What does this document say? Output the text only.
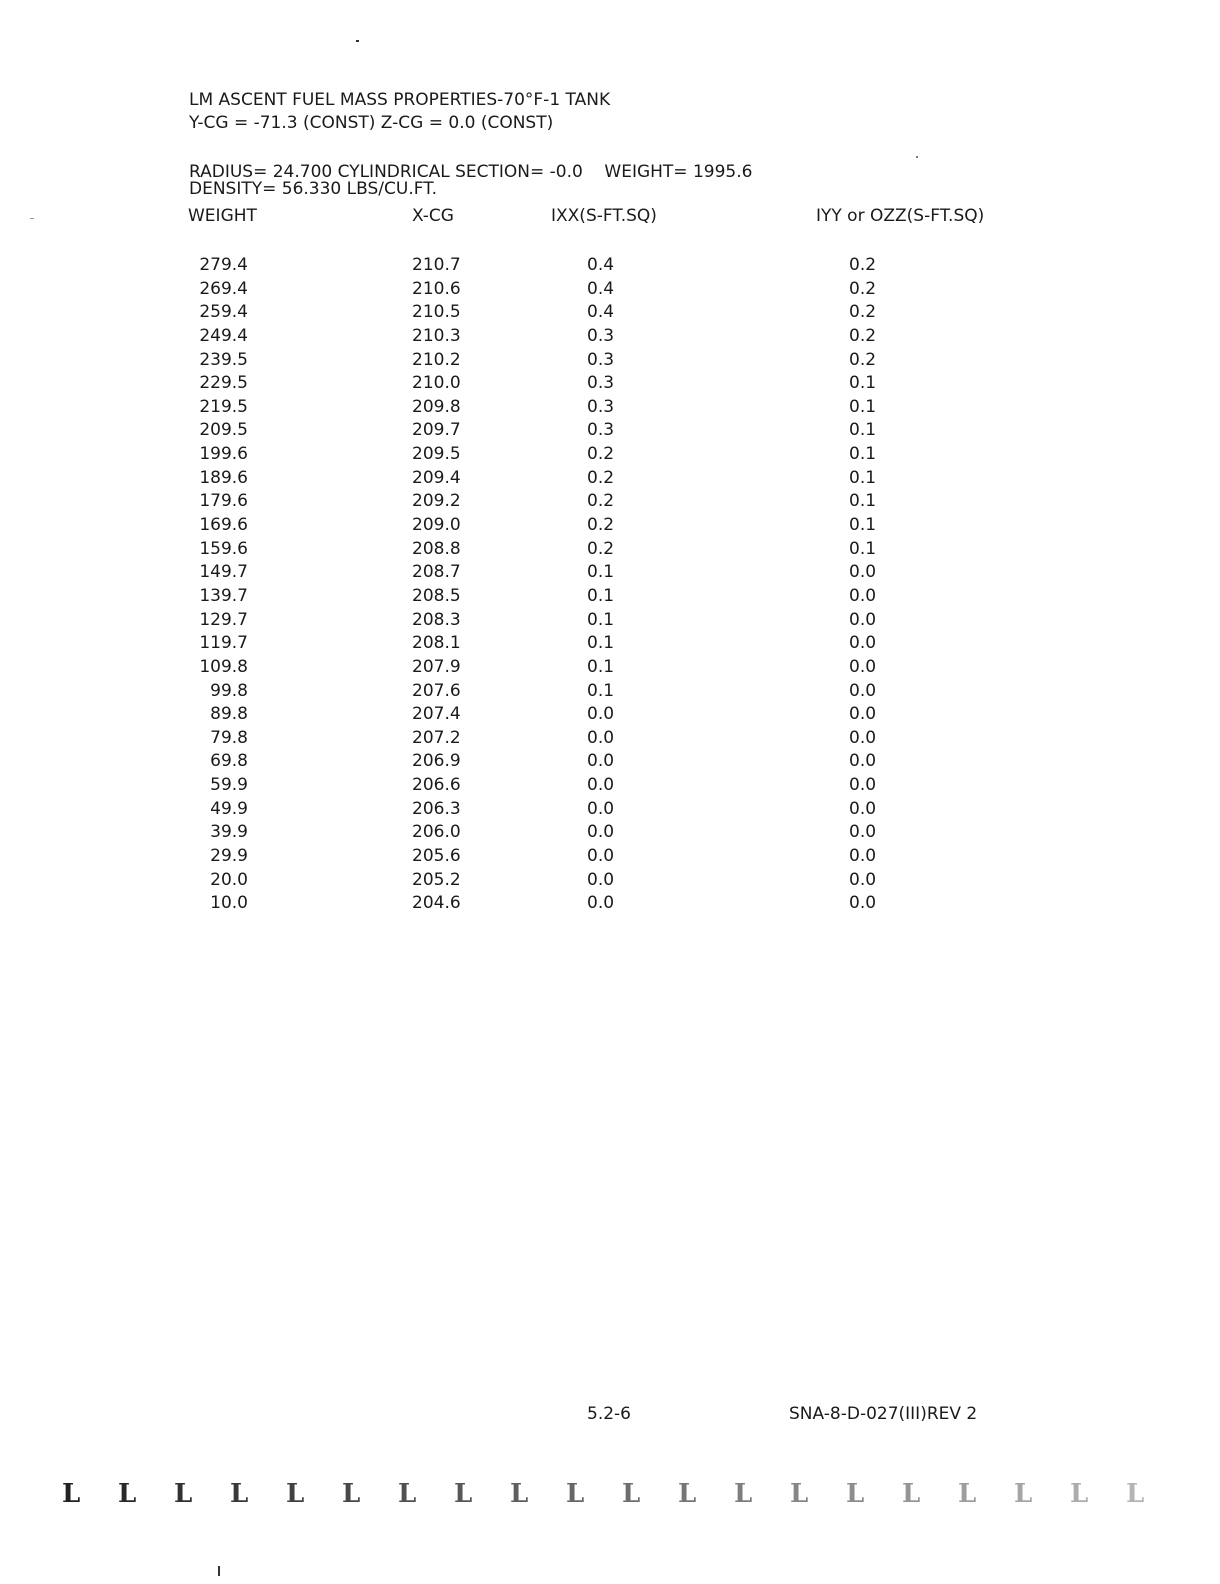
LM ASCENT FUEL MASS PROPERTIES-70°F-1 TANK
Y-CG = -71.3 (CONST) Z-CG = 0.0 (CONST)
RADIUS= 24.700 CYLINDRICAL SECTION= -0.0    WEIGHT= 1995.6
DENSITY= 56.330 LBS/CU.FT.
WEIGHT	X-CG	IXX(S-FT.SQ)	IYY or OZZ(S-FT.SQ)
279.4	210.7	0.4	0.2
269.4	210.6	0.4	0.2
259.4	210.5	0.4	0.2
249.4	210.3	0.3	0.2
239.5	210.2	0.3	0.2
229.5	210.0	0.3	0.1
219.5	209.8	0.3	0.1
209.5	209.7	0.3	0.1
199.6	209.5	0.2	0.1
189.6	209.4	0.2	0.1
179.6	209.2	0.2	0.1
169.6	209.0	0.2	0.1
159.6	208.8	0.2	0.1
149.7	208.7	0.1	0.0
139.7	208.5	0.1	0.0
129.7	208.3	0.1	0.0
119.7	208.1	0.1	0.0
109.8	207.9	0.1	0.0
99.8	207.6	0.1	0.0
89.8	207.4	0.0	0.0
79.8	207.2	0.0	0.0
69.8	206.9	0.0	0.0
59.9	206.6	0.0	0.0
49.9	206.3	0.0	0.0
39.9	206.0	0.0	0.0
29.9	205.6	0.0	0.0
20.0	205.2	0.0	0.0
10.0	204.6	0.0	0.0
5.2-6	SNA-8-D-027(III)REV 2
L L L L L L L L L L L L L L L L L L L L
